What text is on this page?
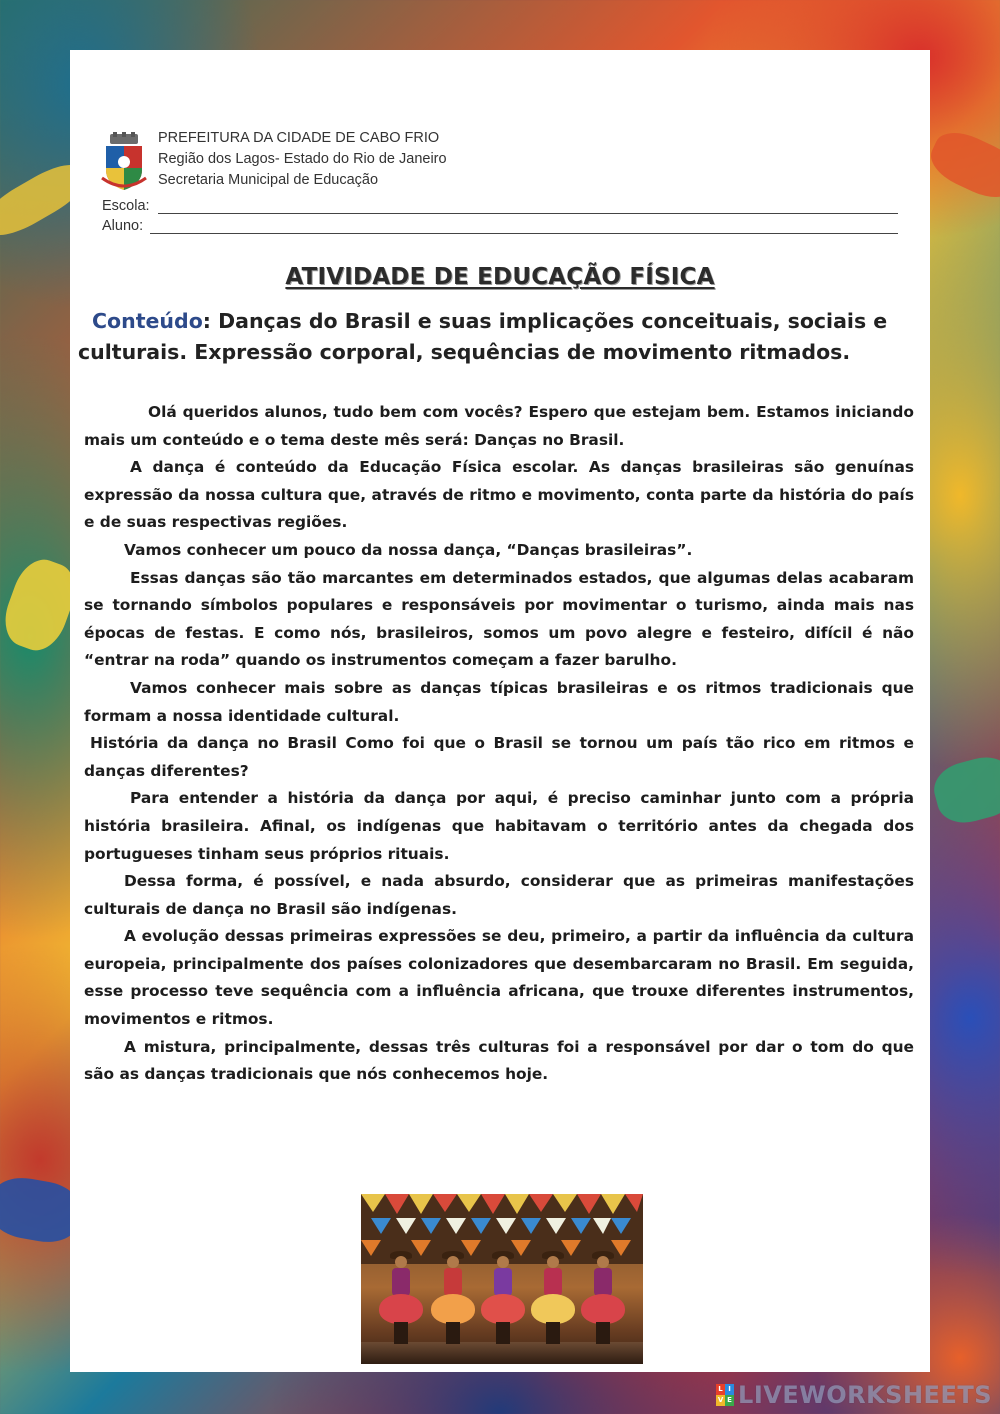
PREFEITURA DA CIDADE DE CABO FRIO
Região dos Lagos- Estado do Rio de Janeiro
Secretaria Municipal de Educação
Escola:
Aluno:
ATIVIDADE DE EDUCAÇÃO FÍSICA
Conteúdo: Danças do Brasil e suas implicações conceituais, sociais e culturais. Expressão corporal, sequências de movimento ritmados.

Olá queridos alunos, tudo bem com vocês? Espero que estejam bem. Estamos iniciando mais um conteúdo e o tema deste mês será: Danças no Brasil.

A dança é conteúdo da Educação Física escolar. As danças brasileiras são genuínas expressão da nossa cultura que, através de ritmo e movimento, conta parte da história do país e de suas respectivas regiões.

Vamos conhecer um pouco da nossa dança, “Danças brasileiras”.

Essas danças são tão marcantes em determinados estados, que algumas delas acabaram se tornando símbolos populares e responsáveis por movimentar o turismo, ainda mais nas épocas de festas. E como nós, brasileiros, somos um povo alegre e festeiro, difícil é não “entrar na roda” quando os instrumentos começam a fazer barulho.

Vamos conhecer mais sobre as danças típicas brasileiras e os ritmos tradicionais que formam a nossa identidade cultural.

História da dança no Brasil Como foi que o Brasil se tornou um país tão rico em ritmos e danças diferentes?

Para entender a história da dança por aqui, é preciso caminhar junto com a própria história brasileira. Afinal, os indígenas que habitavam o território antes da chegada dos portugueses tinham seus próprios rituais.

Dessa forma, é possível, e nada absurdo, considerar que as primeiras manifestações culturais de dança no Brasil são indígenas.

A evolução dessas primeiras expressões se deu, primeiro, a partir da influência da cultura europeia, principalmente dos países colonizadores que desembarcaram no Brasil. Em seguida, esse processo teve sequência com a influência africana, que trouxe diferentes instrumentos, movimentos e ritmos.

A mistura, principalmente, dessas três culturas foi a responsável por dar o tom do que são as danças tradicionais que nós conhecemos hoje.

L I
V E LIVEWORKSHEETS
